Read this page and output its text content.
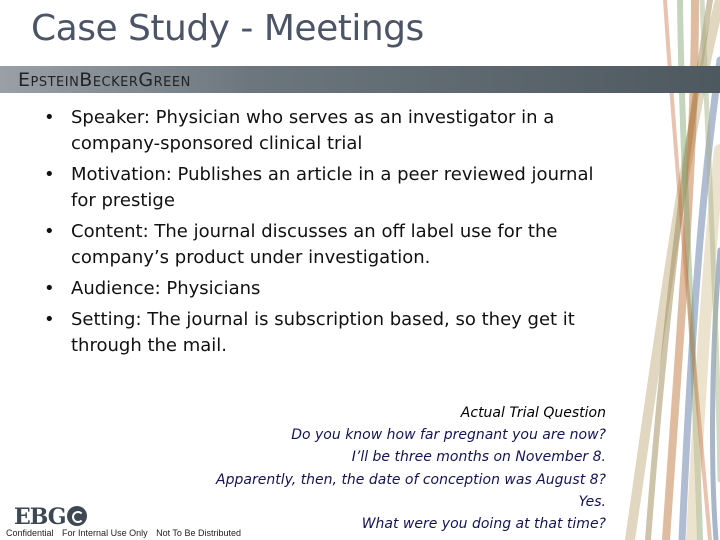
Case Study - Meetings
EpsteinBeckerGreen
• Speaker: Physician who serves as an investigator in a company-sponsored clinical trial
• Motivation: Publishes an article in a peer reviewed journal for prestige
• Content: The journal discusses an off label use for the company’s product under investigation.
• Audience: Physicians
• Setting: The journal is subscription based, so they get it through the mail.
Actual Trial Question
Do you know how far pregnant you are now?
I’ll be three months on November 8.
Apparently, then, the date of conception was August 8?
Yes.
What were you doing at that time?
EBG
Confidential For Internal Use Only Not To Be Distributed
